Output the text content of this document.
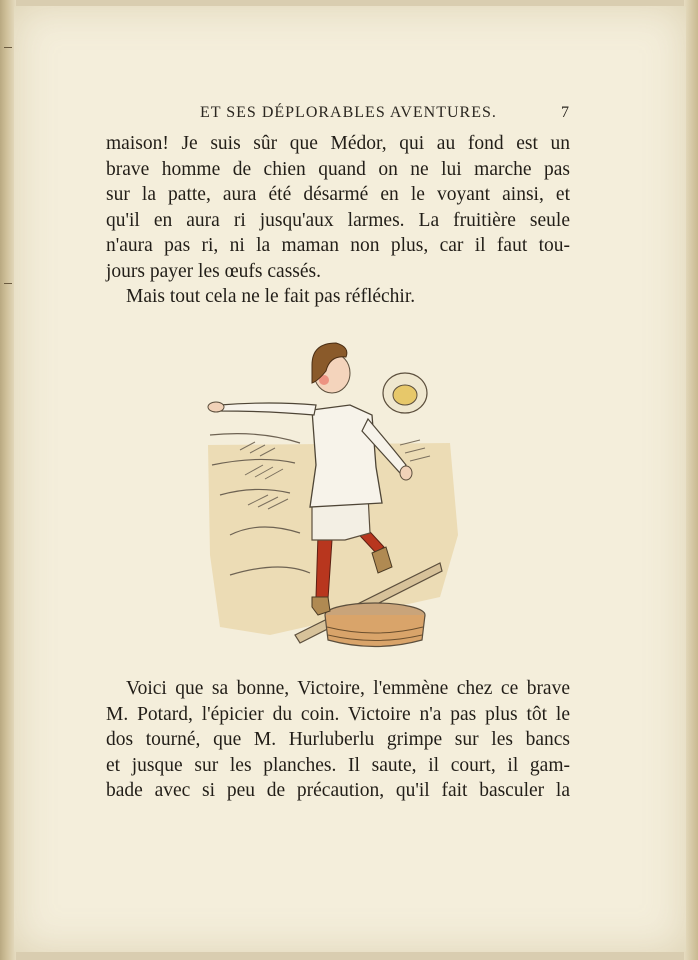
ET SES DÉPLORABLES AVENTURES.	7
maison! Je suis sûr que Médor, qui au fond est un
brave homme de chien quand on ne lui marche pas
sur la patte, aura été désarmé en le voyant ainsi, et
qu'il en aura ri jusqu'aux larmes. La fruitière seule
n'aura pas ri, ni la maman non plus, car il faut tou-
jours payer les œufs cassés.
Mais tout cela ne le fait pas réfléchir.
Voici que sa bonne, Victoire, l'emmène chez ce brave
M. Potard, l'épicier du coin. Victoire n'a pas plus tôt le
dos tourné, que M. Hurluberlu grimpe sur les bancs
et jusque sur les planches. Il saute, il court, il gam-
bade avec si peu de précaution, qu'il fait basculer la
